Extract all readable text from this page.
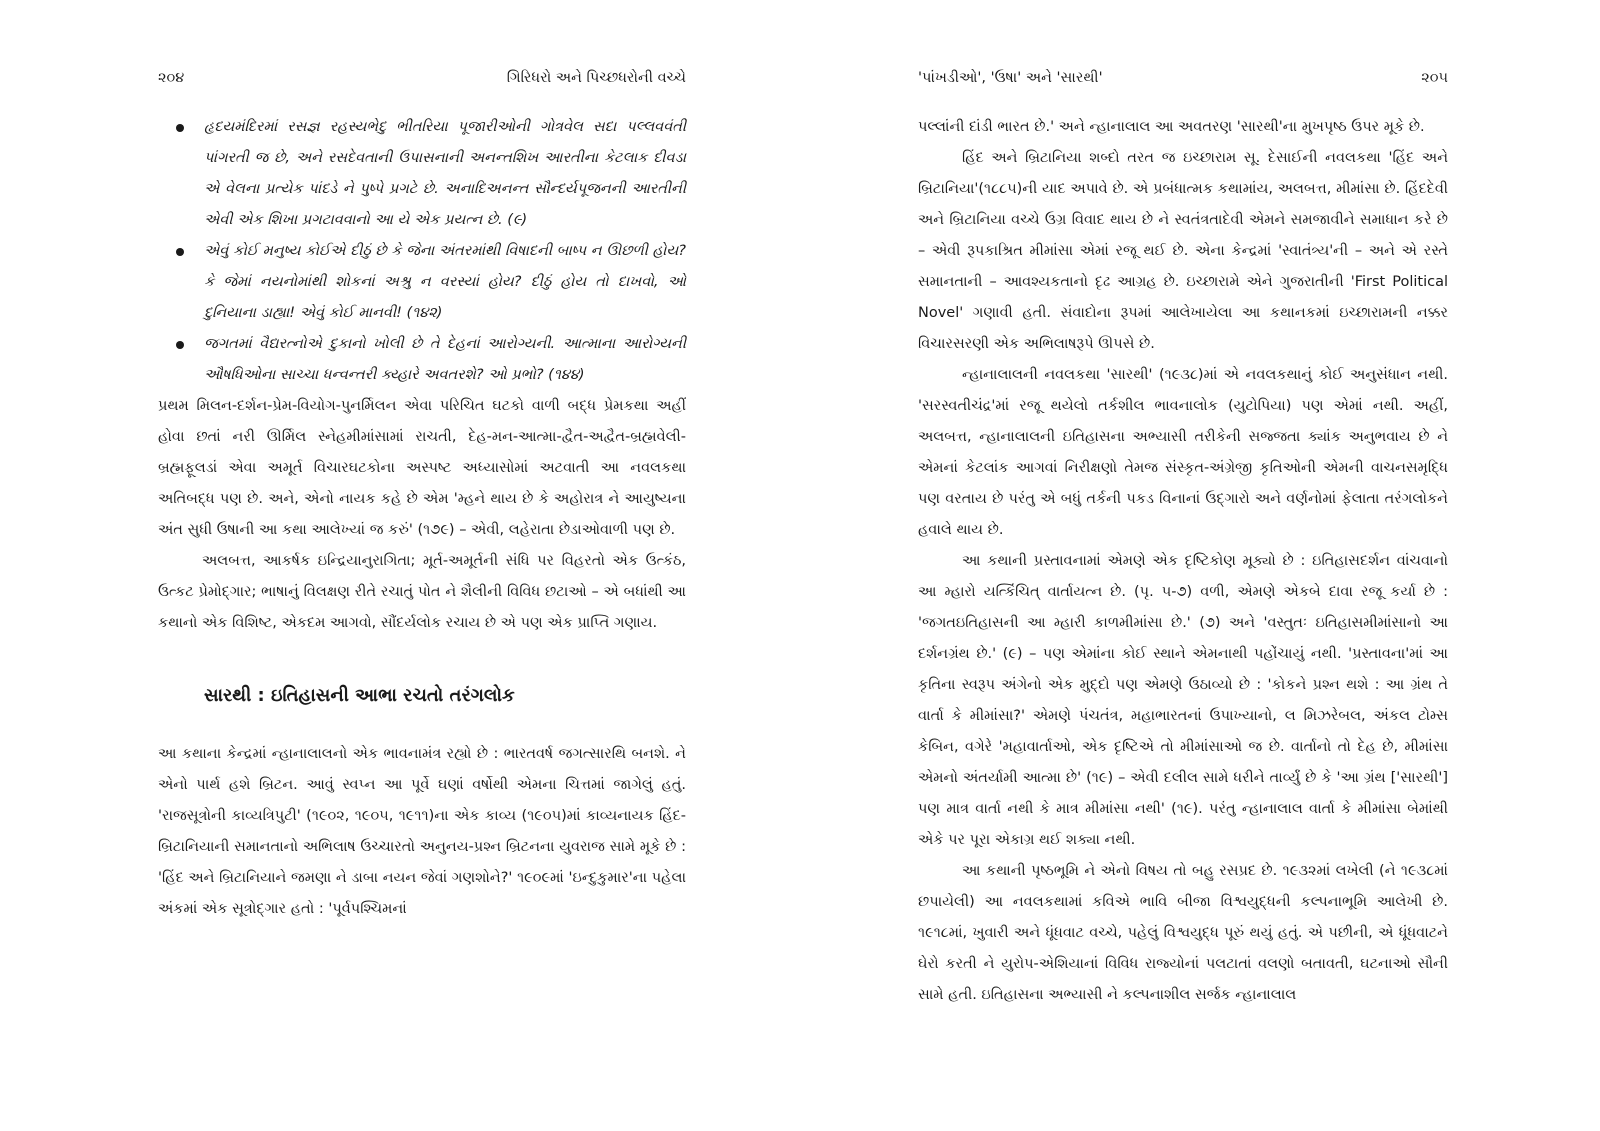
૨૦૪	ગિરિધરો અને પિચ્છધરોની વચ્ચે
હૃદયમંદિરમાં રસજ્ઞ રહસ્યભેદુ ભીતરિયા પૂજારીઓની ગોત્રવેલ સદા પલ્લવવંતી પાંગરતી જ છે, અને રસદેવતાની ઉપાસનાની અનન્તશિખ આરતીના કેટલાક દીવડા એ વેલના પ્રત્યેક પાંદડે ને પુષ્પે પ્રગટે છે. અનાદિઅનન્ત સૌન્દર્યપૂજનની આરતીની એવી એક શિખા પ્રગટાવવાનો આ યે એક પ્રયત્ન છે. (૯)
એવું કોઈ મનુષ્ય કોઈએ દીઠું છે કે જેના અંતરમાંથી વિષાદની બાષ્પ ન ઊછળી હોય? કે જેમાં નયનોમાંથી શોકનાં અશ્રુ ન વરસ્યાં હોય? દીઠું હોય તો દાખવો, ઓ દુનિયાના ડાહ્યા! એવું કોઈ માનવી! (૧૪૨)
જગતમાં વૈદ્યરત્નોએ દુકાનો ખોલી છે તે દેહનાં આરોગ્યની. આત્માના આરોગ્યની ઔષધિઓના સાચ્ચા ધન્વન્તરી ક્ય્હારે અવતરશે? ઓ પ્રભો? (૧૪૪)

પ્રથમ મિલન-દર્શન-પ્રેમ-વિયોગ-પુનર્મિલન એવા પરિચિત ઘટકો વાળી બદ્ધ પ્રેમકથા અહીં હોવા છતાં નરી ઊર્મિલ સ્નેહમીમાંસામાં રાચતી, દેહ-મન-આત્મા-દ્વૈત-અદ્વૈત-બ્રહ્મવેલી-બ્રહ્મફૂલડાં એવા અમૂર્ત વિચારઘટકોના અસ્પષ્ટ અધ્યાસોમાં અટવાતી આ નવલકથા અતિબદ્ધ પણ છે. અને, એનો નાયક કહે છે એમ 'મ્હને થાય છે કે અહોરાત્ર ને આયુષ્યના અંત સુધી ઉષાની આ કથા આલેખ્યાં જ કરું' (૧૭૯) – એવી, લહેરાતા છેડાઓવાળી પણ છે.

અલબત્ત, આકર્ષક ઇન્દ્રિયાનુરાગિતા; મૂર્ત-અમૂર્તની સંધિ પર વિહરતો એક ઉત્કંઠ, ઉત્કટ પ્રેમોદ્ગાર; ભાષાનું વિલક્ષણ રીતે રચાતું પોત ને શૈલીની વિવિધ છટાઓ – એ બધાંથી આ કથાનો એક વિશિષ્ટ, એકદમ આગવો, સૌંદર્યલોક રચાય છે એ પણ એક પ્રાપ્તિ ગણાય.

સારથી : ઇતિહાસની આભા રચતો તરંગલોક

આ કથાના કેન્દ્રમાં ન્હાનાલાલનો એક ભાવનામંત્ર રહ્યો છે : ભારતવર્ષ જગત્સારથિ બનશે. ને એનો પાર્થ હશે બ્રિટન. આવું સ્વપ્ન આ પૂર્વે ઘણાં વર્ષોથી એમના ચિત્તમાં જાગેલું હતું. 'રાજસૂત્રોની કાવ્યત્રિપુટી' (૧૯૦૨, ૧૯૦૫, ૧૯૧૧)ના એક કાવ્ય (૧૯૦૫)માં કાવ્યનાયક હિંદ-બ્રિટાનિયાની સમાનતાનો અભિલાષ ઉચ્ચારતો અનુનય-પ્રશ્ન બ્રિટનના યુવરાજ સામે મૂકે છે : 'હિંદ અને બ્રિટાનિયાને જમણા ને ડાબા નયન જેવાં ગણશોને?' ૧૯૦૯માં 'ઇન્દુકુમાર'ના પહેલા અંકમાં એક સૂત્રોદ્ગાર હતો : 'પૂર્વપશ્ચિમનાં

'પાંખડીઓ', 'ઉષા' અને 'સારથી'	૨૦૫

પલ્લાંની દાંડી ભારત છે.' અને ન્હાનાલાલ આ અવતરણ 'સારથી'ના મુખપૃષ્ઠ ઉપર મૂકે છે.

હિંદ અને બ્રિટાનિયા શબ્દો તરત જ ઇચ્છારામ સૂ. દેસાઈની નવલકથા 'હિંદ અને બ્રિટાનિયા'(૧૮૮૫)ની યાદ અપાવે છે. એ પ્રબંધાત્મક કથામાંય, અલબત્ત, મીમાંસા છે. હિંદદેવી અને બ્રિટાનિયા વચ્ચે ઉગ્ર વિવાદ થાય છે ને સ્વતંત્રતાદેવી એમને સમજાવીને સમાધાન કરે છે – એવી રૂપકાશ્રિત મીમાંસા એમાં રજૂ થઈ છે. એના કેન્દ્રમાં 'સ્વાતંત્ર્ય'ની – અને એ રસ્તે સમાનતાની – આવશ્યકતાનો દૃઢ આગ્રહ છે. ઇચ્છારામે એને ગુજરાતીની 'First Political Novel' ગણાવી હતી. સંવાદોના રૂપમાં આલેખાયેલા આ કથાનકમાં ઇચ્છારામની નક્કર વિચારસરણી એક અભિલાષરૂપે ઊપસે છે.

ન્હાનાલાલની નવલકથા 'સારથી' (૧૯૩૮)માં એ નવલકથાનું કોઈ અનુસંધાન નથી. 'સરસ્વતીચંદ્ર'માં રજૂ થયેલો તર્કશીલ ભાવનાલોક (યુટોપિયા) પણ એમાં નથી. અહીં, અલબત્ત, ન્હાનાલાલની ઇતિહાસના અભ્યાસી તરીકેની સજ્જતા ક્યાંક અનુભવાય છે ને એમનાં કેટલાંક આગવાં નિરીક્ષણો તેમજ સંસ્કૃત-અંગ્રેજી કૃતિઓની એમની વાચનસમૃદ્ધિ પણ વરતાય છે પરંતુ એ બધું તર્કની પકડ વિનાનાં ઉદ્ગારો અને વર્ણનોમાં ફેલાતા તરંગલોકને હવાલે થાય છે.

આ કથાની પ્રસ્તાવનામાં એમણે એક દૃષ્ટિકોણ મૂક્યો છે : ઇતિહાસદર્શન વાંચવાનો આ મ્હારો યત્કિંચિત્ વાર્તાયત્ન છે. (પૃ. ૫-૭) વળી, એમણે એકબે દાવા રજૂ કર્યા છે : 'જગતઇતિહાસની આ મ્હારી કાળમીમાંસા છે.' (૭) અને 'વસ્તુતઃ ઇતિહાસમીમાંસાનો આ દર્શનગ્રંથ છે.' (૯) – પણ એમાંના કોઈ સ્થાને એમનાથી પહોંચાયું નથી. 'પ્રસ્તાવના'માં આ કૃતિના સ્વરૂપ અંગેનો એક મુદ્દો પણ એમણે ઉઠાવ્યો છે : 'કોકને પ્રશ્ન થશે : આ ગ્રંથ તે વાર્તા કે મીમાંસા?' એમણે પંચતંત્ર, મહાભારતનાં ઉપાખ્યાનો, લ મિઝરેબલ, અંકલ ટોમ્સ કેબિન, વગેરે 'મહાવાર્તાઓ, એક દૃષ્ટિએ તો મીમાંસાઓ જ છે. વાર્તાનો તો દેહ છે, મીમાંસા એમનો અંતર્યામી આત્મા છે' (૧૯) – એવી દલીલ સામે ધરીને તાર્વ્યું છે કે 'આ ગ્રંથ ['સારથી'] પણ માત્ર વાર્તા નથી કે માત્ર મીમાંસા નથી' (૧૯). પરંતુ ન્હાનાલાલ વાર્તા કે મીમાંસા બેમાંથી એકે પર પૂરા એકાગ્ર થઈ શક્યા નથી.

આ કથાની પૃષ્ઠભૂમિ ને એનો વિષય તો બહુ રસપ્રદ છે. ૧૯૩૨માં લખેલી (ને ૧૯૩૮માં છપાયેલી) આ નવલકથામાં કવિએ ભાવિ બીજા વિશ્વયુદ્ધની કલ્પનાભૂમિ આલેખી છે. ૧૯૧૮માં, ખુવારી અને ધૂંધવાટ વચ્ચે, પહેલું વિશ્વયુદ્ધ પૂરું થયું હતું. એ પછીની, એ ધૂંધવાટને ઘેરો કરતી ને યુરોપ-એશિયાનાં વિવિધ રાજ્યોનાં પલટાતાં વલણો બતાવતી, ઘટનાઓ સૌની સામે હતી. ઇતિહાસના અભ્યાસી ને કલ્પનાશીલ સર્જક ન્હાનાલાલ
